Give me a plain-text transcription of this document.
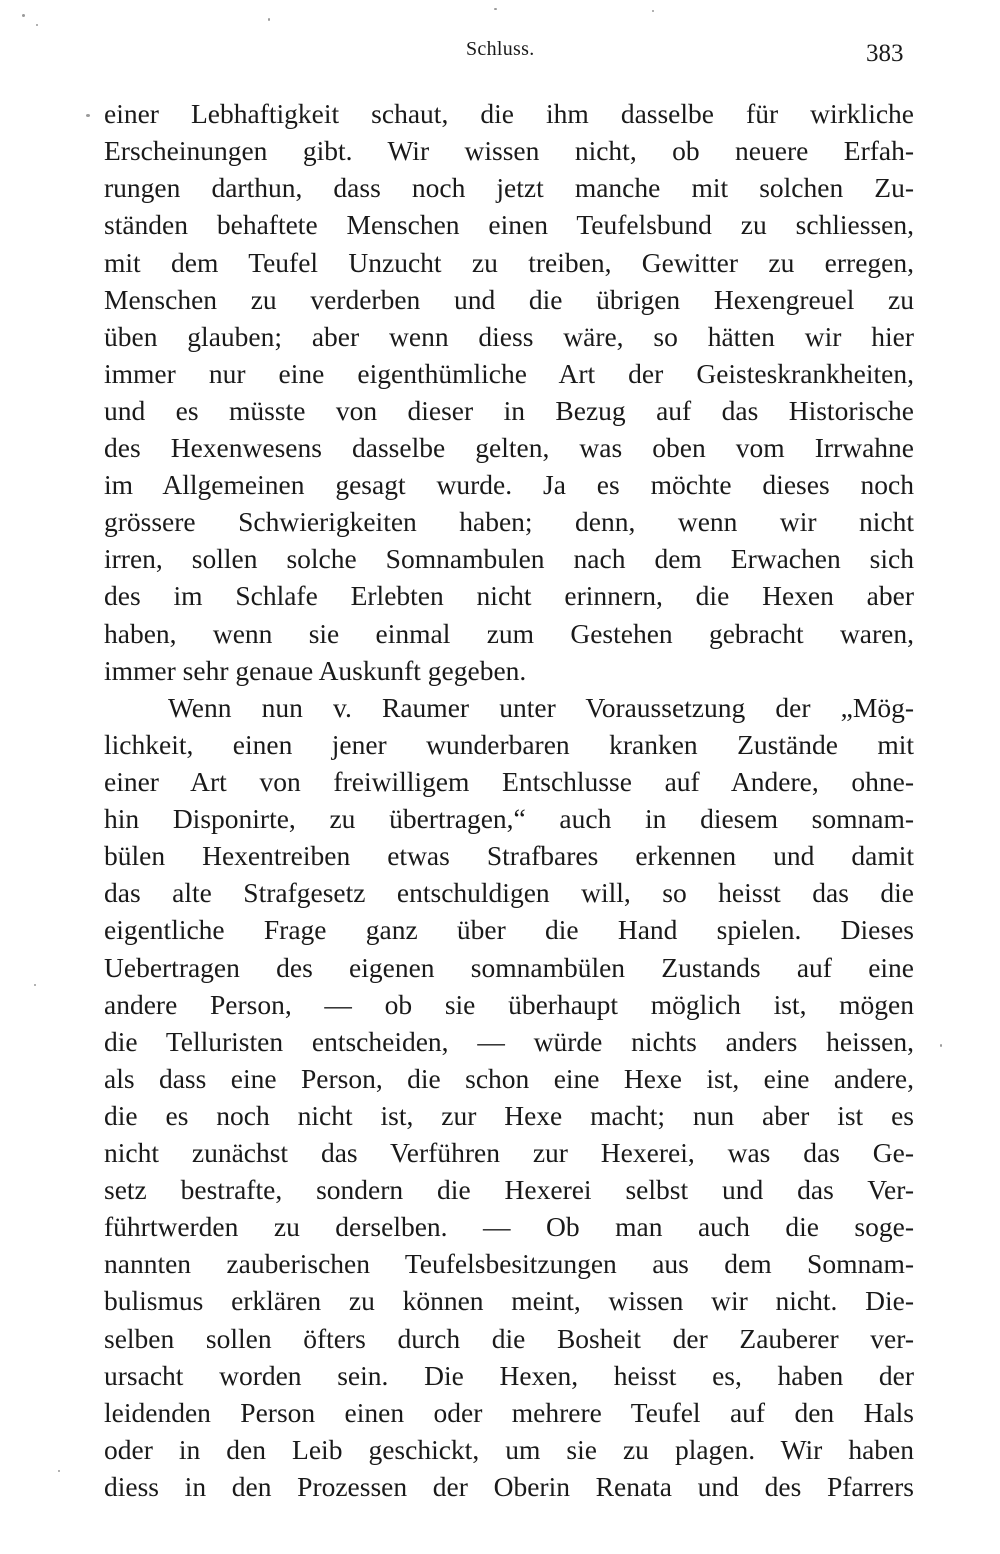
Schluss.	383
einer Lebhaftigkeit schaut, die ihm dasselbe für wirkliche
Erscheinungen gibt. Wir wissen nicht, ob neuere Erfah-
rungen darthun, dass noch jetzt manche mit solchen Zu-
ständen behaftete Menschen einen Teufelsbund zu schliessen,
mit dem Teufel Unzucht zu treiben, Gewitter zu erregen,
Menschen zu verderben und die übrigen Hexengreuel zu
üben glauben; aber wenn diess wäre, so hätten wir hier
immer nur eine eigenthümliche Art der Geisteskrankheiten,
und es müsste von dieser in Bezug auf das Historische
des Hexenwesens dasselbe gelten, was oben vom Irrwahne
im Allgemeinen gesagt wurde. Ja es möchte dieses noch
grössere Schwierigkeiten haben; denn, wenn wir nicht
irren, sollen solche Somnambulen nach dem Erwachen sich
des im Schlafe Erlebten nicht erinnern, die Hexen aber
haben, wenn sie einmal zum Gestehen gebracht waren,
immer sehr genaue Auskunft gegeben.
Wenn nun v. Raumer unter Voraussetzung der „Mög-
lichkeit, einen jener wunderbaren kranken Zustände mit
einer Art von freiwilligem Entschlusse auf Andere, ohne-
hin Disponirte, zu übertragen,“ auch in diesem somnam-
bülen Hexentreiben etwas Strafbares erkennen und damit
das alte Strafgesetz entschuldigen will, so heisst das die
eigentliche Frage ganz über die Hand spielen. Dieses
Uebertragen des eigenen somnambülen Zustands auf eine
andere Person, — ob sie überhaupt möglich ist, mögen
die Telluristen entscheiden, — würde nichts anders heissen,
als dass eine Person, die schon eine Hexe ist, eine andere,
die es noch nicht ist, zur Hexe macht; nun aber ist es
nicht zunächst das Verführen zur Hexerei, was das Ge-
setz bestrafte, sondern die Hexerei selbst und das Ver-
führtwerden zu derselben. — Ob man auch die soge-
nannten zauberischen Teufelsbesitzungen aus dem Somnam-
bulismus erklären zu können meint, wissen wir nicht. Die-
selben sollen öfters durch die Bosheit der Zauberer ver-
ursacht worden sein. Die Hexen, heisst es, haben der
leidenden Person einen oder mehrere Teufel auf den Hals
oder in den Leib geschickt, um sie zu plagen. Wir haben
diess in den Prozessen der Oberin Renata und des Pfarrers
